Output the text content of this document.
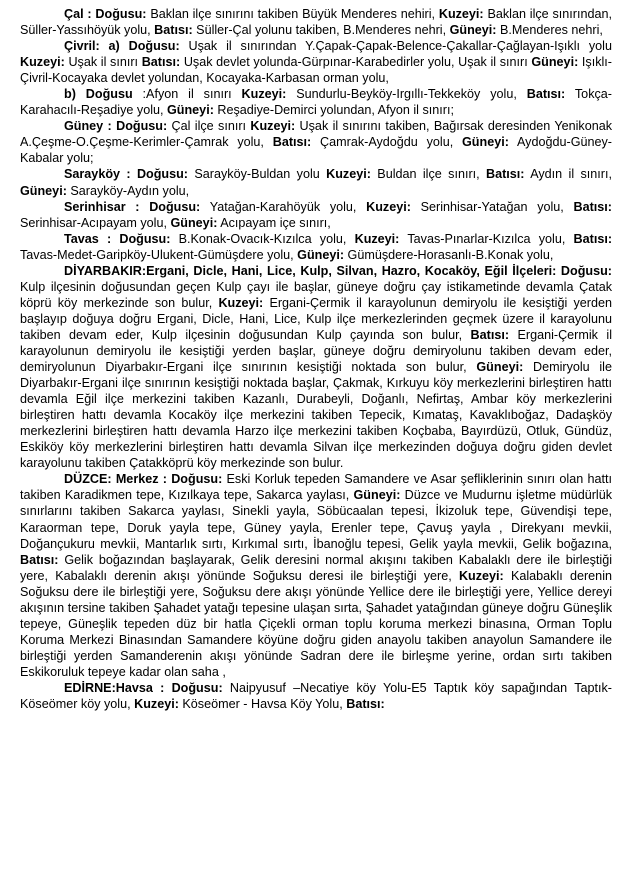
Çal : Doğusu: Baklan ilçe sınırını takiben Büyük Menderes nehiri, Kuzeyi: Baklan ilçe sınırından, Süller-Yassıhöyük yolu, Batısı: Süller-Çal yolunu takiben, B.Menderes nehri, Güneyi: B.Menderes nehri,

Çivril: a) Doğusu: Uşak il sınırından Y.Çapak-Çapak-Belence-Çakallar-Çağlayan-Işıklı yolu Kuzeyi: Uşak il sınırı Batısı: Uşak devlet yolunda-Gürpınar-Karabedirler yolu, Uşak il sınırı Güneyi: Işıklı-Çivril-Kocayaka devlet yolundan, Kocayaka-Karbasan orman yolu,

b) Doğusu :Afyon il sınırı Kuzeyi: Sundurlu-Beyköy-Irgıllı-Tekkeköy yolu, Batısı: Tokça-Karahacılı-Reşadiye yolu, Güneyi: Reşadiye-Demirci yolundan, Afyon il sınırı;

Güney : Doğusu: Çal ilçe sınırı Kuzeyi: Uşak il sınırını takiben, Bağırsak deresinden Yenikonak A.Çeşme-O.Çeşme-Kerimler-Çamrak yolu, Batısı: Çamrak-Aydoğdu yolu, Güneyi: Aydoğdu-Güney-Kabalar yolu;

Sarayköy : Doğusu: Sarayköy-Buldan yolu Kuzeyi: Buldan ilçe sınırı, Batısı: Aydın il sınırı, Güneyi: Sarayköy-Aydın yolu,

Serinhisar : Doğusu: Yatağan-Karahöyük yolu, Kuzeyi: Serinhisar-Yatağan yolu, Batısı: Serinhisar-Acıpayam yolu, Güneyi: Acıpayam içe sınırı,

Tavas : Doğusu: B.Konak-Ovacık-Kızılca yolu, Kuzeyi: Tavas-Pınarlar-Kızılca yolu, Batısı: Tavas-Medet-Garipköy-Ulukent-Gümüşdere yolu, Güneyi: Gümüşdere-Horasanlı-B.Konak yolu,

DİYARBAKIR:Ergani, Dicle, Hani, Lice, Kulp, Silvan, Hazro, Kocaköy, Eğil İlçeleri: Doğusu: Kulp ilçesinin doğusundan geçen Kulp çayı ile başlar, güneye doğru çay istikametinde devamla Çatak köprü köy merkezinde son bulur, Kuzeyi: Ergani-Çermik il karayolunun demiryolu ile kesiştiği yerden başlayıp doğuya doğru Ergani, Dicle, Hani, Lice, Kulp ilçe merkezlerinden geçmek üzere il karayolunu takiben devam eder, Kulp ilçesinin doğusundan Kulp çayında son bulur, Batısı: Ergani-Çermik il karayolunun demiryolu ile kesiştiği yerden başlar, güneye doğru demiryolunu takiben devam eder, demiryolunun Diyarbakır-Ergani ilçe sınırının kesiştiği noktada son bulur, Güneyi: Demiryolu ile Diyarbakır-Ergani ilçe sınırının kesiştiği noktada başlar, Çakmak, Kırkuyu köy merkezlerini birleştiren hattı devamla Eğil ilçe merkezini takiben Kazanlı, Durabeyli, Doğanlı, Nefirtaş, Ambar köy merkezlerini birleştiren hattı devamla Kocaköy ilçe merkezini takiben Tepecik, Kımataş, Kavaklıboğaz, Dadaşköy merkezlerini birleştiren hattı devamla Harzo ilçe merkezini takiben Koçbaba, Bayırdüzü, Otluk, Gündüz, Eskiköy köy merkezlerini birleştiren hattı devamla Silvan ilçe merkezinden doğuya doğru giden devlet karayolunu takiben Çatakköprü köy merkezinde son bulur.

DÜZCE: Merkez : Doğusu: Eski Korluk tepeden Samandere ve Asar şefliklerinin sınırı olan hattı takiben Karadikmen tepe, Kızılkaya tepe, Sakarca yaylası, Güneyi: Düzce ve Mudurnu işletme müdürlük sınırlarını takiben Sakarca yaylası, Sinekli yayla, Söbücaalan tepesi, İkizoluk tepe, Güvendişi tepe, Karaorman tepe, Doruk yayla tepe, Güney yayla, Erenler tepe, Çavuş yayla , Direkyanı mevkii, Doğançukuru mevkii, Mantarlık sırtı, Kırkımal sırtı, İbanoğlu tepesi, Gelik yayla mevkii, Gelik boğazına, Batısı: Gelik boğazından başlayarak, Gelik deresini normal akışını takiben Kabalaklı dere ile birleştiği yere, Kabalaklı derenin akışı yönünde Soğuksu deresi ile birleştiği yere, Kuzeyi: Kalabaklı derenin Soğuksu dere ile birleştiği yere, Soğuksu dere akışı yönünde Yellice dere ile birleştiği yere, Yellice dereyi akışının tersine takiben Şahadet yatağı tepesine ulaşan sırta, Şahadet yatağından güneye doğru Güneşlik tepeye, Güneşlik tepeden düz bir hatla Çiçekli orman toplu koruma merkezi binasına, Orman Toplu Koruma Merkezi Binasından Samandere köyüne doğru giden anayolu takiben anayolun Samandere ile birleştiği yerden Samanderenin akışı yönünde Sadran dere ile birleşme yerine, ordan sırtı takiben Eskikoruluk tepeye kadar olan saha ,

EDİRNE:Havsa : Doğusu: Naipyusuf –Necatiye köy Yolu-E5 Taptık köy sapağından Taptık-Köseömer köy yolu, Kuzeyi: Köseömer - Havsa Köy Yolu, Batısı:
